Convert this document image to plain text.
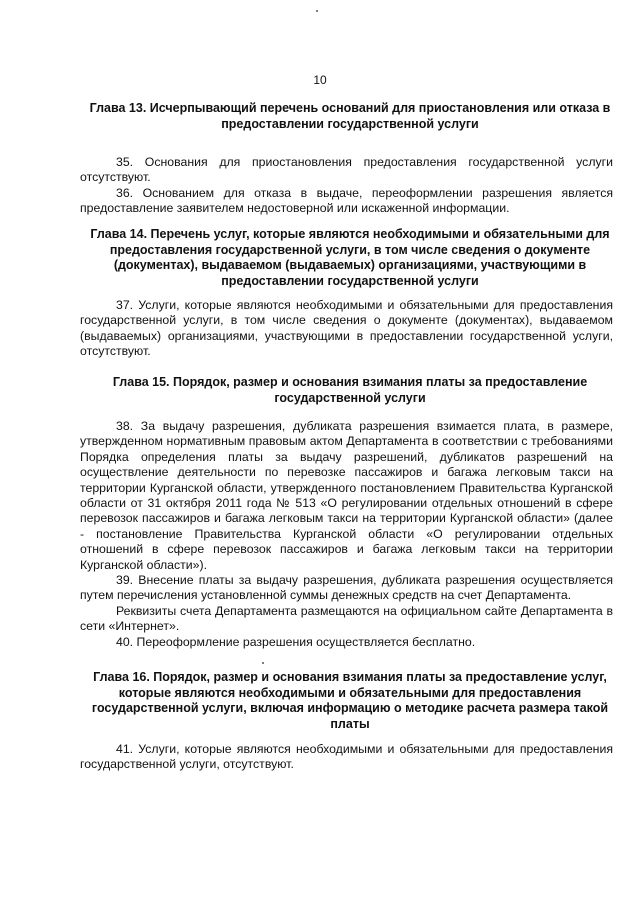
10

Глава 13. Исчерпывающий перечень оснований для приостановления или отказа в предоставлении государственной услуги

35. Основания для приостановления предоставления государственной услуги отсутствуют.

36. Основанием для отказа в выдаче, переоформлении разрешения является предоставление заявителем недостоверной или искаженной информации.

Глава 14. Перечень услуг, которые являются необходимыми и обязательными для предоставления государственной услуги, в том числе сведения о документе (документах), выдаваемом (выдаваемых) организациями, участвующими в предоставлении государственной услуги

37. Услуги, которые являются необходимыми и обязательными для предоставления государственной услуги, в том числе сведения о документе (документах), выдаваемом (выдаваемых) организациями, участвующими в предоставлении государственной услуги, отсутствуют.

Глава 15. Порядок, размер и основания взимания платы за предоставление государственной услуги

38. За выдачу разрешения, дубликата разрешения взимается плата, в размере, утвержденном нормативным правовым актом Департамента в соответствии с требованиями Порядка определения платы за выдачу разрешений, дубликатов разрешений на осуществление деятельности по перевозке пассажиров и багажа легковым такси на территории Курганской области, утвержденного постановлением Правительства Курганской области от 31 октября 2011 года № 513 «О регулировании отдельных отношений в сфере перевозок пассажиров и багажа легковым такси на территории Курганской области» (далее - постановление Правительства Курганской области «О регулировании отдельных отношений в сфере перевозок пассажиров и багажа легковым такси на территории Курганской области»).

39. Внесение платы за выдачу разрешения, дубликата разрешения осуществляется путем перечисления установленной суммы денежных средств на счет Департамента.

Реквизиты счета Департамента размещаются на официальном сайте Департамента в сети «Интернет».

40. Переоформление разрешения осуществляется бесплатно.

Глава 16. Порядок, размер и основания взимания платы за предоставление услуг, которые являются необходимыми и обязательными для предоставления государственной услуги, включая информацию о методике расчета размера такой платы

41. Услуги, которые являются необходимыми и обязательными для предоставления государственной услуги, отсутствуют.
